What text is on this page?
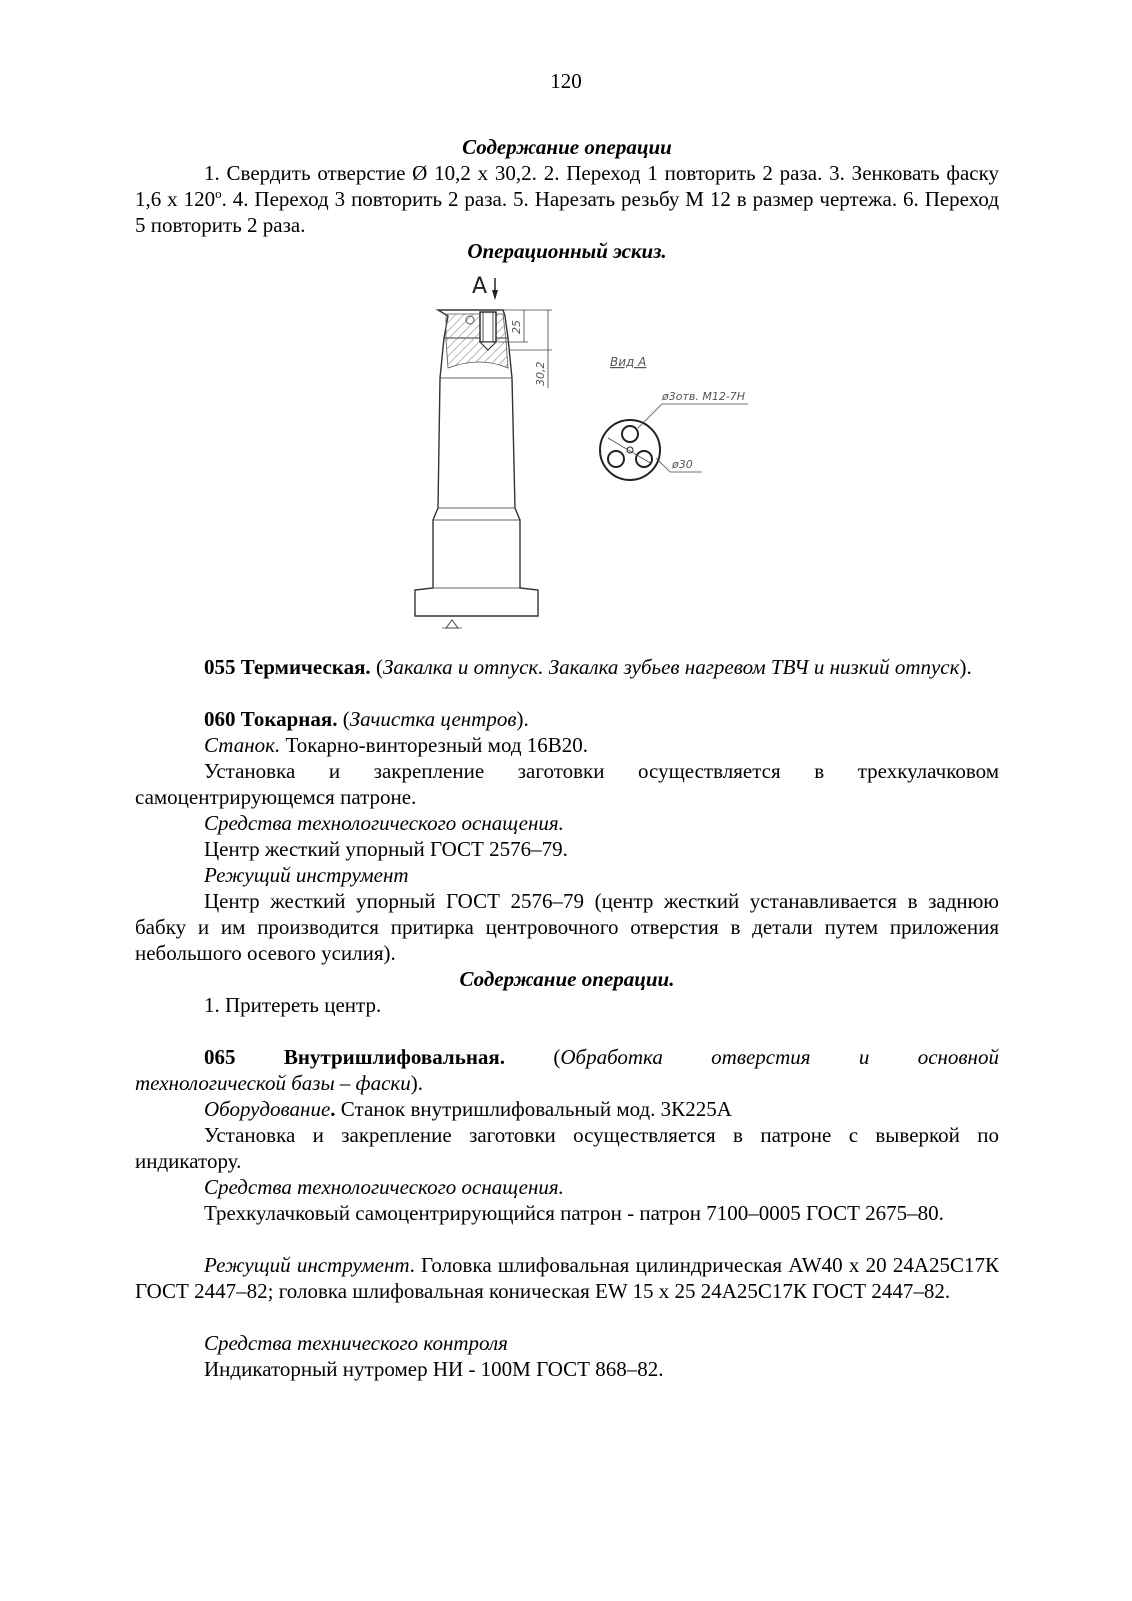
120
Содержание операции
1. Свердить отверстие Ø 10,2 х 30,2. 2. Переход 1 повторить 2 раза. 3. Зенковать фаску 1,6 х $120^о$. 4. Переход 3 повторить 2 раза. 5. Нарезать резьбу М 12 в размер чертежа. 6. Переход 5 повторить 2 раза.
Операционный эскиз.
А
25
30,2	Вид А
ø3отв. М12-7Н
ø30
055 Термическая. (Закалка и отпуск. Закалка зубьев нагревом ТВЧ и низкий отпуск).
060 Токарная. (Зачистка центров).
Станок. Токарно-винторезный мод 16В20.
Установка и закрепление заготовки осуществляется в трехкулачковом самоцентрирующемся патроне.
Средства технологического оснащения.
Центр жесткий упорный ГОСТ 2576–79.
Режущий инструмент
Центр жесткий упорный ГОСТ 2576–79 (центр жесткий устанавливается в заднюю бабку и им производится притирка центровочного отверстия в детали путем приложения небольшого осевого усилия).
Содержание операции.
1. Притереть центр.
065 Внутришлифовальная. (Обработка отверстия и основной
технологической базы – фаски).
Оборудование. Станок внутришлифовальный мод. 3К225А
Установка и закрепление заготовки осуществляется в патроне с выверкой по индикатору.
Средства технологического оснащения.
Трехкулачковый самоцентрирующийся патрон - патрон 7100–0005 ГОСТ 2675–80.
Режущий инструмент. Головка шлифовальная цилиндрическая AW40 х 20 24А25С17К ГОСТ 2447–82; головка шлифовальная коническая EW 15 х 25 24А25С17К ГОСТ 2447–82.
Средства технического контроля
Индикаторный нутромер НИ - 100М ГОСТ 868–82.
